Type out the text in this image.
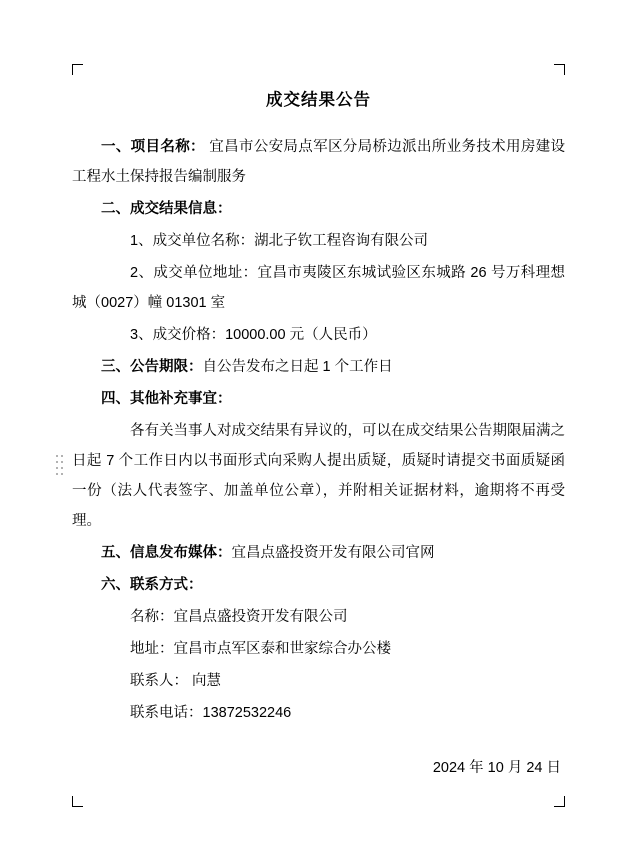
成交结果公告

一、项目名称： 宜昌市公安局点军区分局桥边派出所业务技术用房建设工程水土保持报告编制服务

二、成交结果信息：

1、成交单位名称：湖北子钦工程咨询有限公司

2、成交单位地址：宜昌市夷陵区东城试验区东城路 26 号万科理想城（0027）幢 01301 室

3、成交价格：10000.00 元（人民币）

三、公告期限：自公告发布之日起 1 个工作日

四、其他补充事宜：

各有关当事人对成交结果有异议的，可以在成交结果公告期限届满之日起 7 个工作日内以书面形式向采购人提出质疑，质疑时请提交书面质疑函一份（法人代表签字、加盖单位公章），并附相关证据材料，逾期将不再受理。

五、信息发布媒体：宜昌点盛投资开发有限公司官网

六、联系方式：

名称：宜昌点盛投资开发有限公司

地址：宜昌市点军区泰和世家综合办公楼

联系人： 向慧

联系电话：13872532246

2024 年 10 月 24 日
